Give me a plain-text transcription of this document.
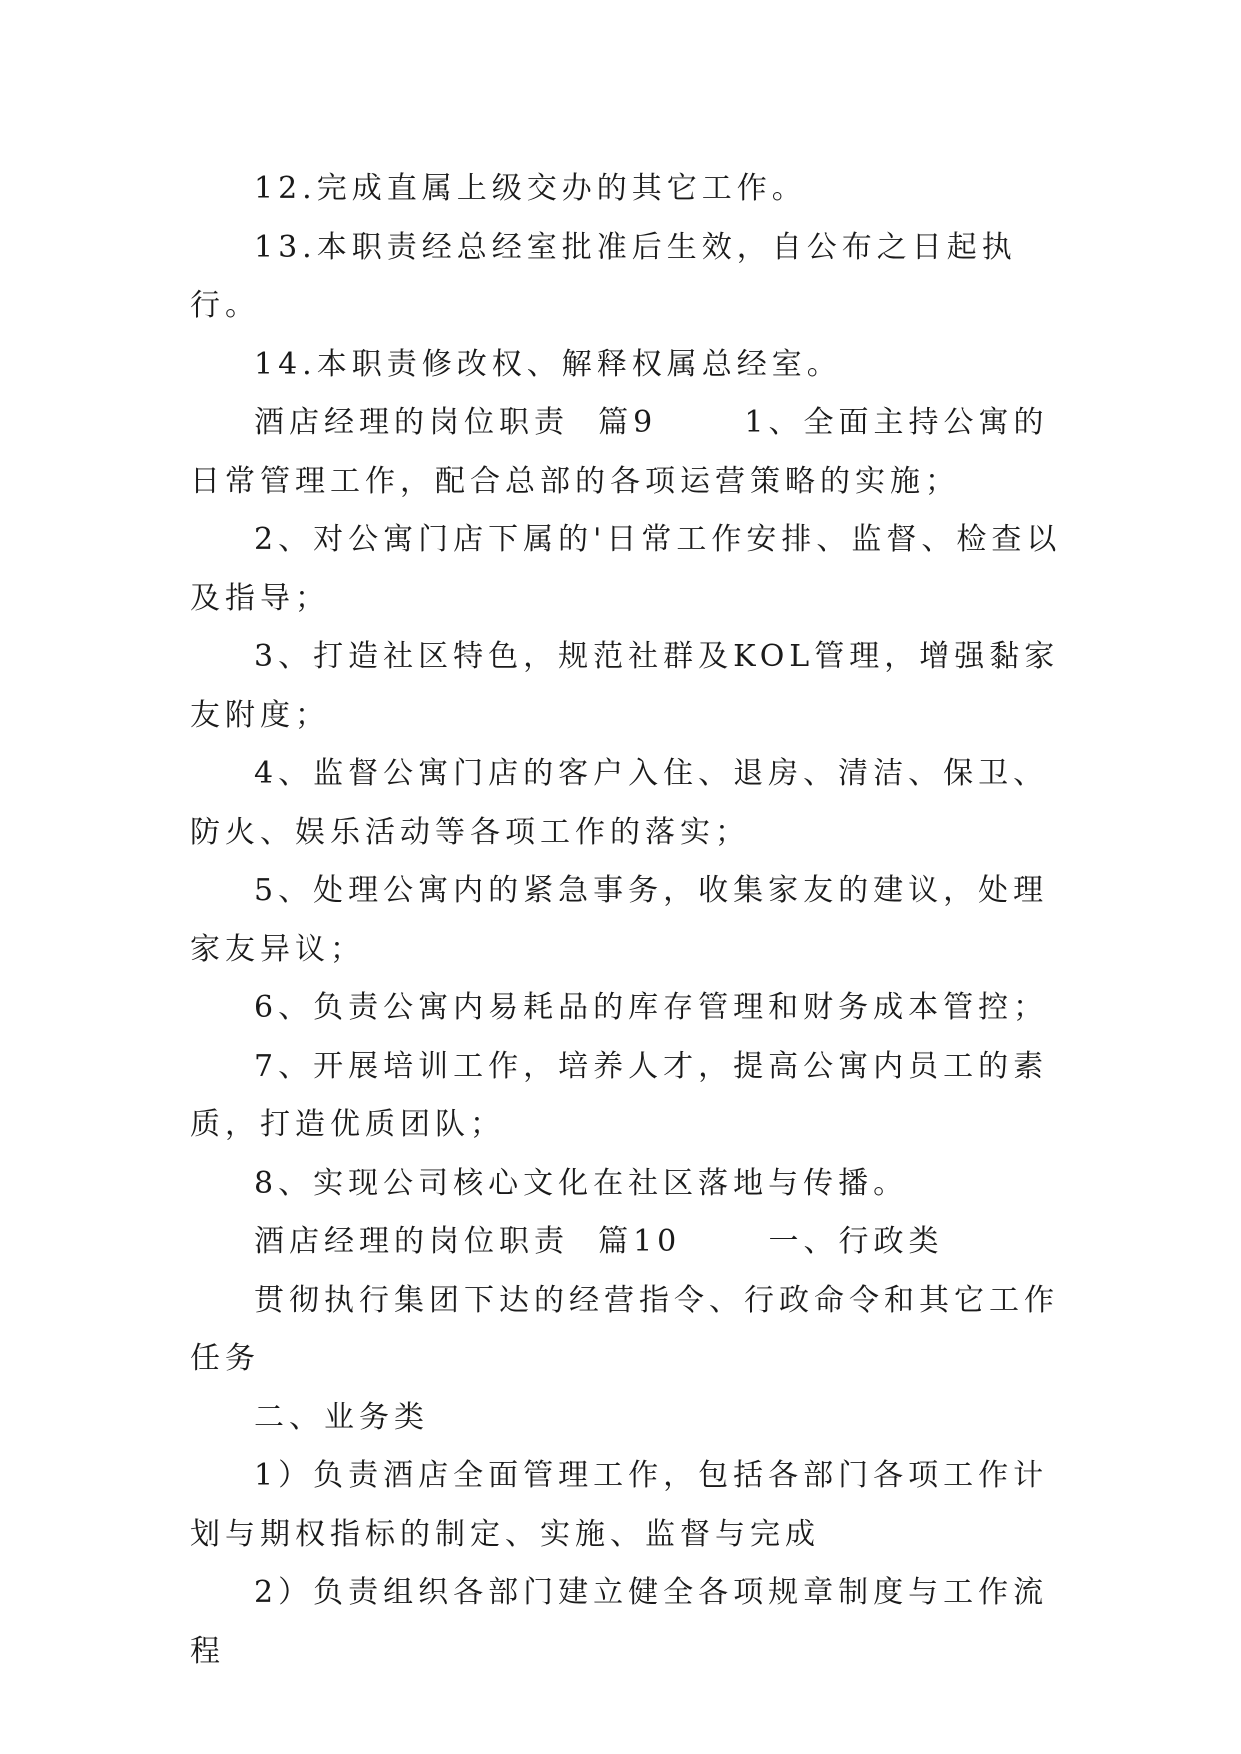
12.完成直属上级交办的其它工作。

13.本职责经总经室批准后生效，自公布之日起执行。

14.本职责修改权、解释权属总经室。

酒店经理的岗位职责  篇9      1、全面主持公寓的日常管理工作，配合总部的各项运营策略的实施；

2、对公寓门店下属的'日常工作安排、监督、检查以及指导；

3、打造社区特色，规范社群及KOL管理，增强黏家友附度；

4、监督公寓门店的客户入住、退房、清洁、保卫、防火、娱乐活动等各项工作的落实；

5、处理公寓内的紧急事务，收集家友的建议，处理家友异议；

6、负责公寓内易耗品的库存管理和财务成本管控；

7、开展培训工作，培养人才，提高公寓内员工的素质，打造优质团队；

8、实现公司核心文化在社区落地与传播。

酒店经理的岗位职责  篇10      一、行政类

贯彻执行集团下达的经营指令、行政命令和其它工作任务

二、业务类

1）负责酒店全面管理工作，包括各部门各项工作计划与期权指标的制定、实施、监督与完成

2）负责组织各部门建立健全各项规章制度与工作流程
